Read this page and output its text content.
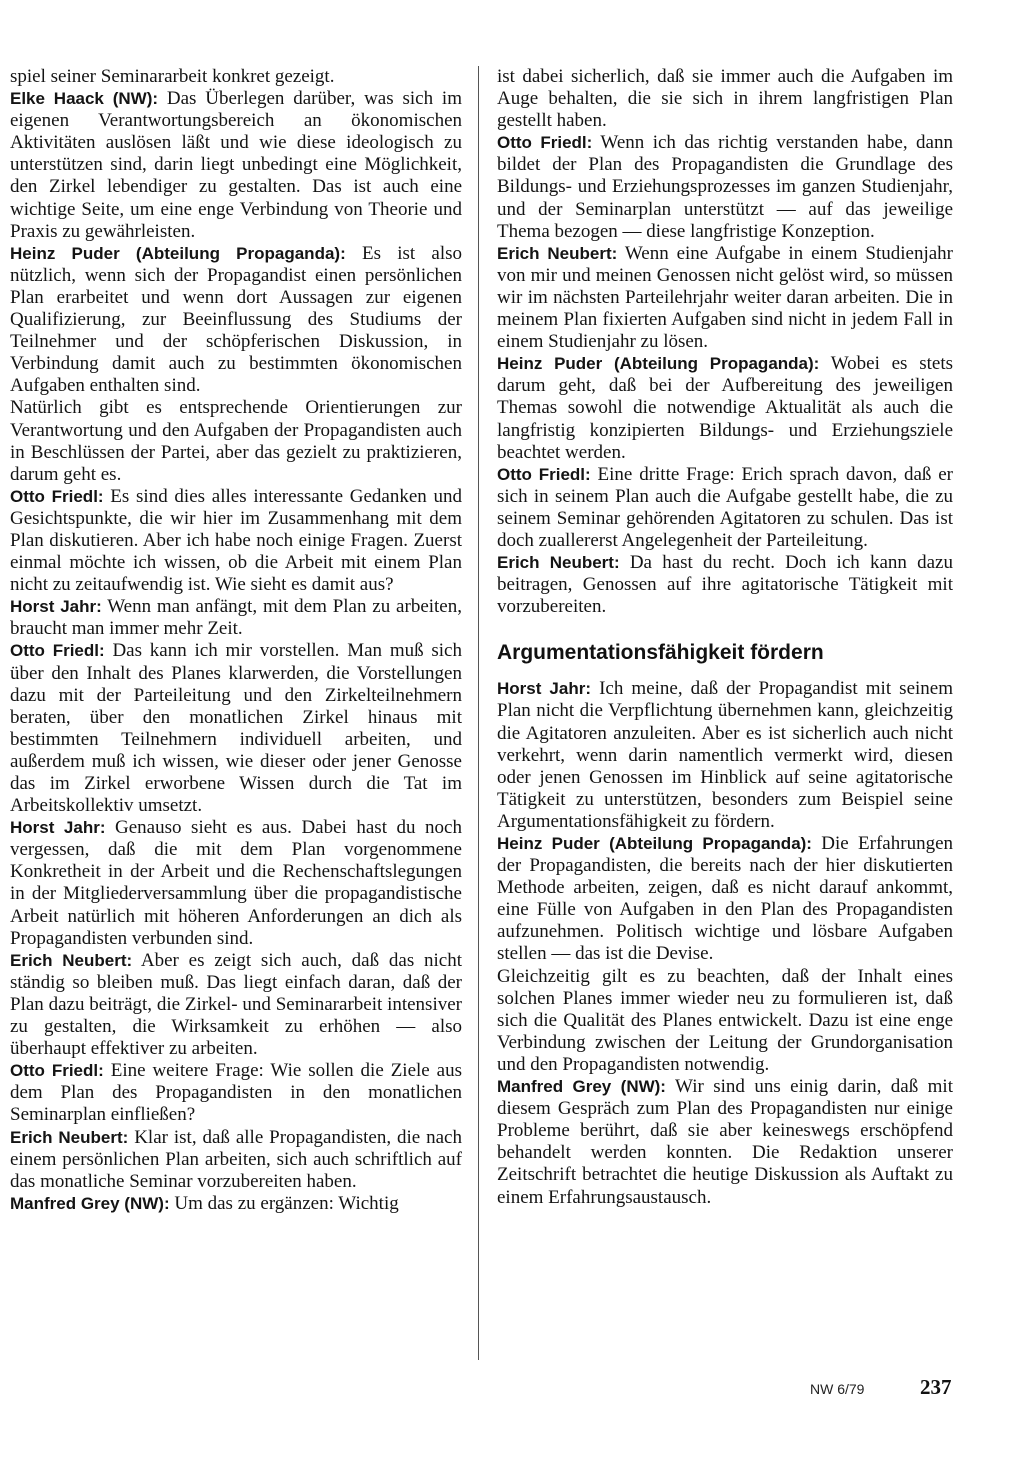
spiel seiner Seminararbeit konkret gezeigt.

Elke Haack (NW): Das Überlegen darüber, was sich im eigenen Verantwortungsbereich an ökonomischen Aktivitäten auslösen läßt und wie diese ideologisch zu unterstützen sind, darin liegt unbedingt eine Möglichkeit, den Zirkel lebendiger zu gestalten. Das ist auch eine wichtige Seite, um eine enge Verbindung von Theorie und Praxis zu gewährleisten.

Heinz Puder (Abteilung Propaganda): Es ist also nützlich, wenn sich der Propagandist einen persönlichen Plan erarbeitet und wenn dort Aussagen zur eigenen Qualifizierung, zur Beeinflussung des Studiums der Teilnehmer und der schöpferischen Diskussion, in Verbindung damit auch zu bestimmten ökonomischen Aufgaben enthalten sind.

Natürlich gibt es entsprechende Orientierungen zur Verantwortung und den Aufgaben der Propagandisten auch in Beschlüssen der Partei, aber das gezielt zu praktizieren, darum geht es.

Otto Friedl: Es sind dies alles interessante Gedanken und Gesichtspunkte, die wir hier im Zusammenhang mit dem Plan diskutieren. Aber ich habe noch einige Fragen. Zuerst einmal möchte ich wissen, ob die Arbeit mit einem Plan nicht zu zeitaufwendig ist. Wie sieht es damit aus?

Horst Jahr: Wenn man anfängt, mit dem Plan zu arbeiten, braucht man immer mehr Zeit.

Otto Friedl: Das kann ich mir vorstellen. Man muß sich über den Inhalt des Planes klarwerden, die Vorstellungen dazu mit der Parteileitung und den Zirkelteilnehmern beraten, über den monatlichen Zirkel hinaus mit bestimmten Teilnehmern individuell arbeiten, und außerdem muß ich wissen, wie dieser oder jener Genosse das im Zirkel erworbene Wissen durch die Tat im Arbeitskollektiv umsetzt.

Horst Jahr: Genauso sieht es aus. Dabei hast du noch vergessen, daß die mit dem Plan vorgenommene Konkretheit in der Arbeit und die Rechenschaftslegungen in der Mitgliederversammlung über die propagandistische Arbeit natürlich mit höheren Anforderungen an dich als Propagandisten verbunden sind.

Erich Neubert: Aber es zeigt sich auch, daß das nicht ständig so bleiben muß. Das liegt einfach daran, daß der Plan dazu beiträgt, die Zirkel- und Seminararbeit intensiver zu gestalten, die Wirksamkeit zu erhöhen — also überhaupt effektiver zu arbeiten.

Otto Friedl: Eine weitere Frage: Wie sollen die Ziele aus dem Plan des Propagandisten in den monatlichen Seminarplan einfließen?

Erich Neubert: Klar ist, daß alle Propagandisten, die nach einem persönlichen Plan arbeiten, sich auch schriftlich auf das monatliche Seminar vorzubereiten haben.

Manfred Grey (NW): Um das zu ergänzen: Wichtig

ist dabei sicherlich, daß sie immer auch die Aufgaben im Auge behalten, die sie sich in ihrem langfristigen Plan gestellt haben.

Otto Friedl: Wenn ich das richtig verstanden habe, dann bildet der Plan des Propagandisten die Grundlage des Bildungs- und Erziehungsprozesses im ganzen Studienjahr, und der Seminarplan unterstützt — auf das jeweilige Thema bezogen — diese langfristige Konzeption.

Erich Neubert: Wenn eine Aufgabe in einem Studienjahr von mir und meinen Genossen nicht gelöst wird, so müssen wir im nächsten Parteilehrjahr weiter daran arbeiten. Die in meinem Plan fixierten Aufgaben sind nicht in jedem Fall in einem Studienjahr zu lösen.

Heinz Puder (Abteilung Propaganda): Wobei es stets darum geht, daß bei der Aufbereitung des jeweiligen Themas sowohl die notwendige Aktualität als auch die langfristig konzipierten Bildungs- und Erziehungsziele beachtet werden.

Otto Friedl: Eine dritte Frage: Erich sprach davon, daß er sich in seinem Plan auch die Aufgabe gestellt habe, die zu seinem Seminar gehörenden Agitatoren zu schulen. Das ist doch zuallererst Angelegenheit der Parteileitung.

Erich Neubert: Da hast du recht. Doch ich kann dazu beitragen, Genossen auf ihre agitatorische Tätigkeit mit vorzubereiten.

Argumentationsfähigkeit fördern

Horst Jahr: Ich meine, daß der Propagandist mit seinem Plan nicht die Verpflichtung übernehmen kann, gleichzeitig die Agitatoren anzuleiten. Aber es ist sicherlich auch nicht verkehrt, wenn darin namentlich vermerkt wird, diesen oder jenen Genossen im Hinblick auf seine agitatorische Tätigkeit zu unterstützen, besonders zum Beispiel seine Argumentationsfähigkeit zu fördern.

Heinz Puder (Abteilung Propaganda): Die Erfahrungen der Propagandisten, die bereits nach der hier diskutierten Methode arbeiten, zeigen, daß es nicht darauf ankommt, eine Fülle von Aufgaben in den Plan des Propagandisten aufzunehmen. Politisch wichtige und lösbare Aufgaben stellen — das ist die Devise.

Gleichzeitig gilt es zu beachten, daß der Inhalt eines solchen Planes immer wieder neu zu formulieren ist, daß sich die Qualität des Planes entwickelt. Dazu ist eine enge Verbindung zwischen der Leitung der Grundorganisation und den Propagandisten notwendig.

Manfred Grey (NW): Wir sind uns einig darin, daß mit diesem Gespräch zum Plan des Propagandisten nur einige Probleme berührt, daß sie aber keineswegs erschöpfend behandelt werden konnten. Die Redaktion unserer Zeitschrift betrachtet die heutige Diskussion als Auftakt zu einem Erfahrungsaustausch.

NW 6/79	237
